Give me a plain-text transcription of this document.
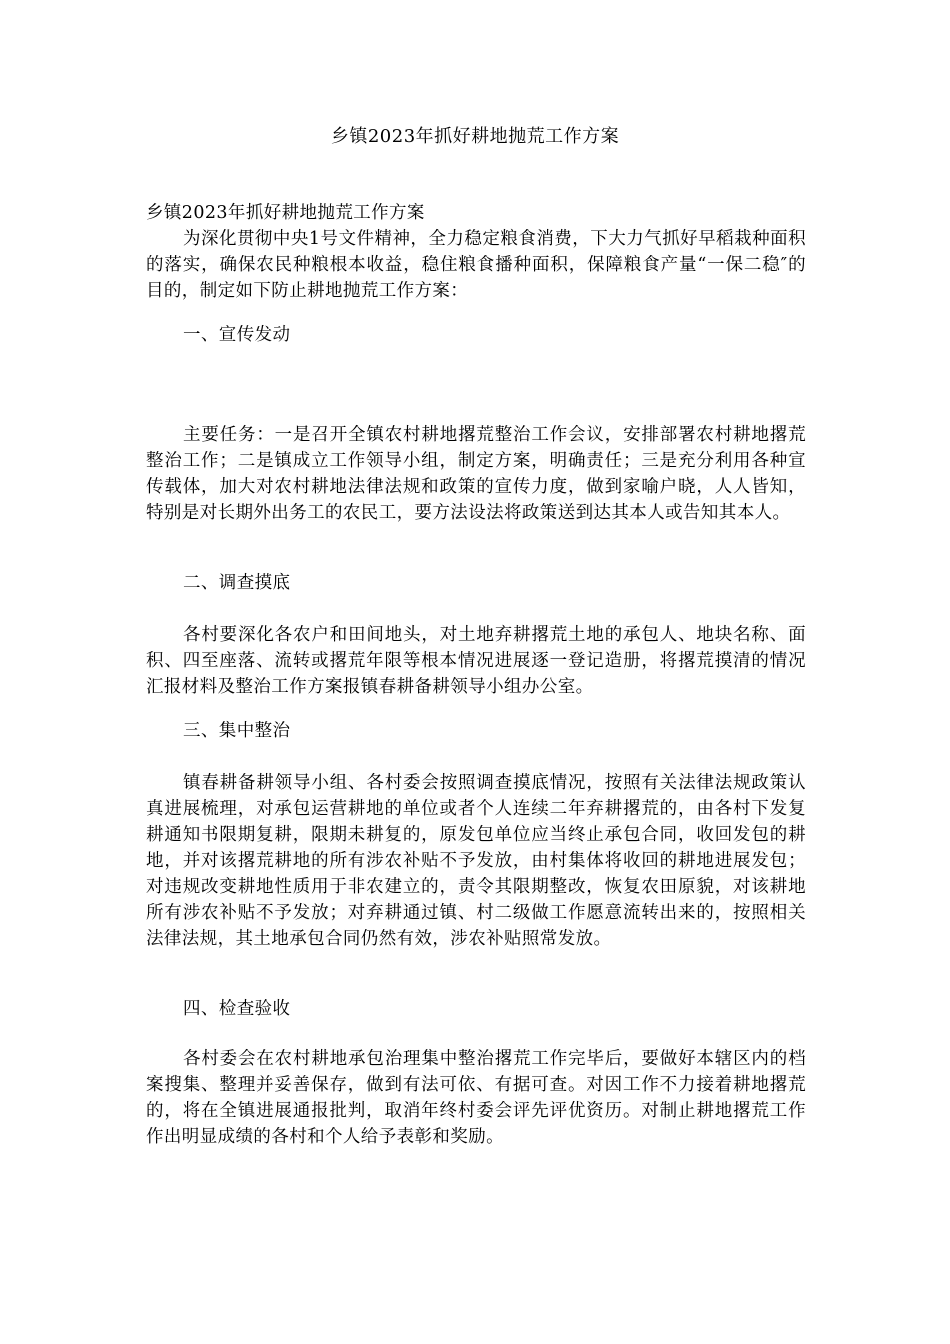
乡镇2023年抓好耕地抛荒工作方案

乡镇2023年抓好耕地抛荒工作方案

为深化贯彻中央1号文件精神，全力稳定粮食消费，下大力气抓好早稻栽种面积的落实，确保农民种粮根本收益，稳住粮食播种面积，保障粮食产量“一保二稳″的目的，制定如下防止耕地抛荒工作方案：

一、宣传发动

主要任务：一是召开全镇农村耕地撂荒整治工作会议，安排部署农村耕地撂荒整治工作；二是镇成立工作领导小组，制定方案，明确责任；三是充分利用各种宣传载体，加大对农村耕地法律法规和政策的宣传力度，做到家喻户晓，人人皆知，特别是对长期外出务工的农民工，要方法设法将政策送到达其本人或告知其本人。

二、调查摸底

各村要深化各农户和田间地头，对土地弃耕撂荒土地的承包人、地块名称、面积、四至座落、流转或撂荒年限等根本情况进展逐一登记造册，将撂荒摸清的情况汇报材料及整治工作方案报镇春耕备耕领导小组办公室。

三、集中整治

镇春耕备耕领导小组、各村委会按照调查摸底情况，按照有关法律法规政策认真进展梳理，对承包运营耕地的单位或者个人连续二年弃耕撂荒的，由各村下发复耕通知书限期复耕，限期未耕复的，原发包单位应当终止承包合同，收回发包的耕地，并对该撂荒耕地的所有涉农补贴不予发放，由村集体将收回的耕地进展发包；对违规改变耕地性质用于非农建立的，责令其限期整改，恢复农田原貌，对该耕地所有涉农补贴不予发放；对弃耕通过镇、村二级做工作愿意流转出来的，按照相关法律法规，其土地承包合同仍然有效，涉农补贴照常发放。

四、检查验收

各村委会在农村耕地承包治理集中整治撂荒工作完毕后，要做好本辖区内的档案搜集、整理并妥善保存，做到有法可依、有据可查。对因工作不力接着耕地撂荒的，将在全镇进展通报批判，取消年终村委会评先评优资历。对制止耕地撂荒工作作出明显成绩的各村和个人给予表彰和奖励。
